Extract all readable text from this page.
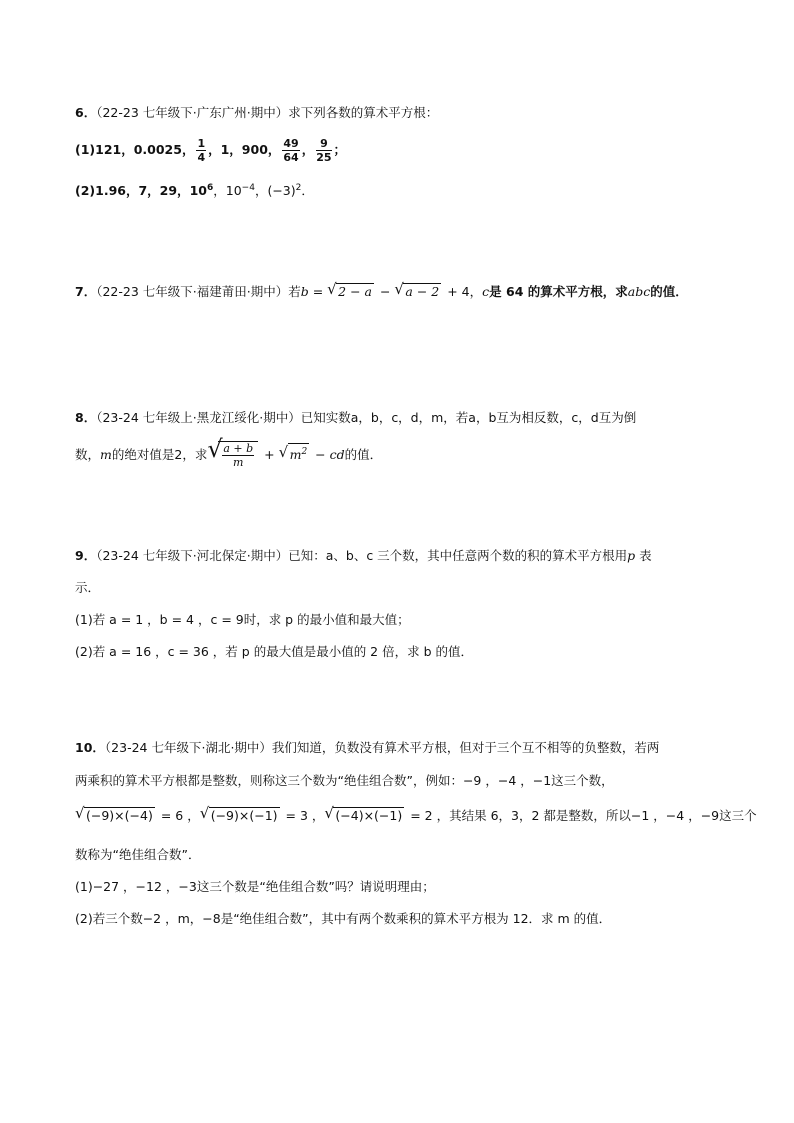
6．（22-23 七年级下·广东广州·期中）求下列各数的算术平方根：
(1)121，0.0025， $\frac{1}{4}$ ，1，900， $\frac{49}{64}$ ， $\frac{9}{25}$ ；
(2)1.96，7，29，$10^6$，$10^{-4}$，$(-3)^2$．
7．（22-23 七年级下·福建莆田·期中）若b = √ 2 − a − √ a − 2 + 4，c是 64 的算术平方根，求abc的值．
8．（23-24 七年级上·黑龙江绥化·期中）已知实数a，b，c，d，m，若a，b互为相反数，c，d互为倒
数，m的绝对值是2，求 √ $\frac{a + b}{m}$ + √ $m^2$ − cd的值．
9．（23-24 七年级下·河北保定·期中）已知：a、b、c 三个数，其中任意两个数的积的算术平方根用p 表
示．
(1)若 a = 1 ，b = 4 ，c = 9时，求 p 的最小值和最大值；
(2)若 a = 16 ，c = 36 ，若 p 的最大值是最小值的 2 倍，求 b 的值．
10．（23-24 七年级下·湖北·期中）我们知道，负数没有算术平方根，但对于三个互不相等的负整数，若两
两乘积的算术平方根都是整数，则称这三个数为“绝佳组合数”，例如：−9 ，−4 ，−1这三个数，
√ (−9)×(−4) = 6 ， √ (−9)×(−1) = 3 ， √ (−4)×(−1) = 2 ，其结果 6，3，2 都是整数，所以−1 ，−4 ，−9这三个
数称为“绝佳组合数”．
(1)−27 ，−12 ，−3这三个数是“绝佳组合数”吗？请说明理由；
(2)若三个数−2 ，m，−8是“绝佳组合数”，其中有两个数乘积的算术平方根为 12．求 m 的值．
